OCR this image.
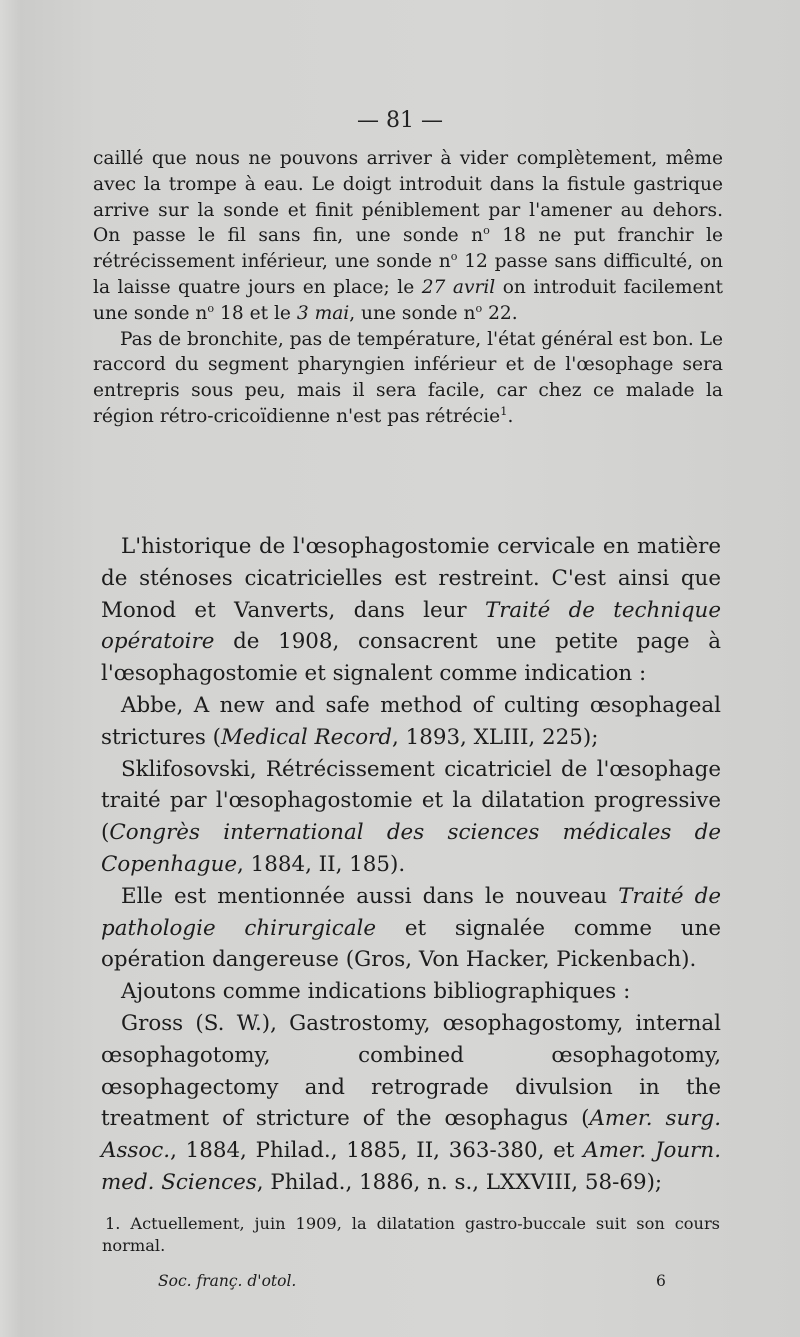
— 81 —

caillé que nous ne pouvons arriver à vider complètement, même avec la trompe à eau. Le doigt introduit dans la fistule gastrique arrive sur la sonde et finit péniblement par l'amener au dehors. On passe le fil sans fin, une sonde $n^o$ 18 ne put franchir le rétrécissement inférieur, une sonde $n^o$ 12 passe sans difficulté, on la laisse quatre jours en place; le 27 avril on introduit facilement une sonde $n^o$ 18 et le 3 mai, une sonde $n^o$ 22.

Pas de bronchite, pas de température, l'état général est bon. Le raccord du segment pharyngien inférieur et de l'œsophage sera entrepris sous peu, mais il sera facile, car chez ce malade la région rétro-cricoïdienne n'est pas rétrécie$^1$.

L'historique de l'œsophagostomie cervicale en matière de sténoses cicatricielles est restreint. C'est ainsi que Monod et Vanverts, dans leur Traité de technique opératoire de 1908, consacrent une petite page à l'œsophagostomie et signalent comme indication :

Abbe, A new and safe method of culting œsophageal strictures (Medical Record, 1893, XLIII, 225);

Sklifosovski, Rétrécissement cicatriciel de l'œsophage traité par l'œsophagostomie et la dilatation progressive (Congrès international des sciences médicales de Copenhague, 1884, II, 185).

Elle est mentionnée aussi dans le nouveau Traité de pathologie chirurgicale et signalée comme une opération dangereuse (Gros, Von Hacker, Pickenbach).

Ajoutons comme indications bibliographiques :

Gross (S. W.), Gastrostomy, œsophagostomy, internal œsophagotomy, combined œsophagotomy, œsophagectomy and retrograde divulsion in the treatment of stricture of the œsophagus (Amer. surg. Assoc., 1884, Philad., 1885, II, 363-380, et Amer. Journ. med. Sciences, Philad., 1886, n. s., LXXVIII, 58-69);

1. Actuellement, juin 1909, la dilatation gastro-buccale suit son cours normal.

Soc. franç. d'otol.	6
